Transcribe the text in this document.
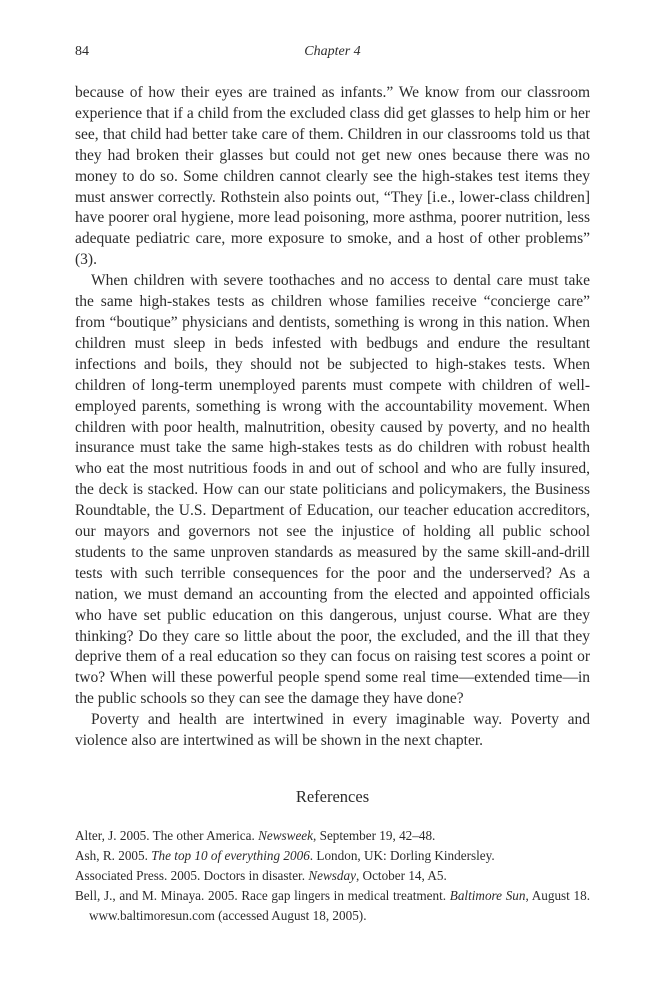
84	Chapter 4

because of how their eyes are trained as infants.” We know from our classroom experience that if a child from the excluded class did get glasses to help him or her see, that child had better take care of them. Children in our classrooms told us that they had broken their glasses but could not get new ones because there was no money to do so. Some children cannot clearly see the high-stakes test items they must answer correctly. Rothstein also points out, “They [i.e., lower-class children] have poorer oral hygiene, more lead poisoning, more asthma, poorer nutrition, less adequate pediatric care, more exposure to smoke, and a host of other problems” (3).

When children with severe toothaches and no access to dental care must take the same high-stakes tests as children whose families receive “concierge care” from “boutique” physicians and dentists, something is wrong in this nation. When children must sleep in beds infested with bedbugs and endure the resultant infections and boils, they should not be subjected to high-stakes tests. When children of long-term unemployed parents must compete with children of well-employed parents, something is wrong with the accountability movement. When children with poor health, malnutrition, obesity caused by poverty, and no health insurance must take the same high-stakes tests as do children with robust health who eat the most nutritious foods in and out of school and who are fully insured, the deck is stacked. How can our state politicians and policymakers, the Business Roundtable, the U.S. Department of Education, our teacher education accreditors, our mayors and governors not see the injustice of holding all public school students to the same unproven standards as measured by the same skill-and-drill tests with such terrible consequences for the poor and the underserved? As a nation, we must demand an accounting from the elected and appointed officials who have set public education on this dangerous, unjust course. What are they thinking? Do they care so little about the poor, the excluded, and the ill that they deprive them of a real education so they can focus on raising test scores a point or two? When will these powerful people spend some real time—extended time—in the public schools so they can see the damage they have done?

Poverty and health are intertwined in every imaginable way. Poverty and violence also are intertwined as will be shown in the next chapter.

References
Alter, J. 2005. The other America. Newsweek, September 19, 42–48.
Ash, R. 2005. The top 10 of everything 2006. London, UK: Dorling Kindersley.
Associated Press. 2005. Doctors in disaster. Newsday, October 14, A5.
Bell, J., and M. Minaya. 2005. Race gap lingers in medical treatment. Baltimore Sun, August 18. www.baltimoresun.com (accessed August 18, 2005).
